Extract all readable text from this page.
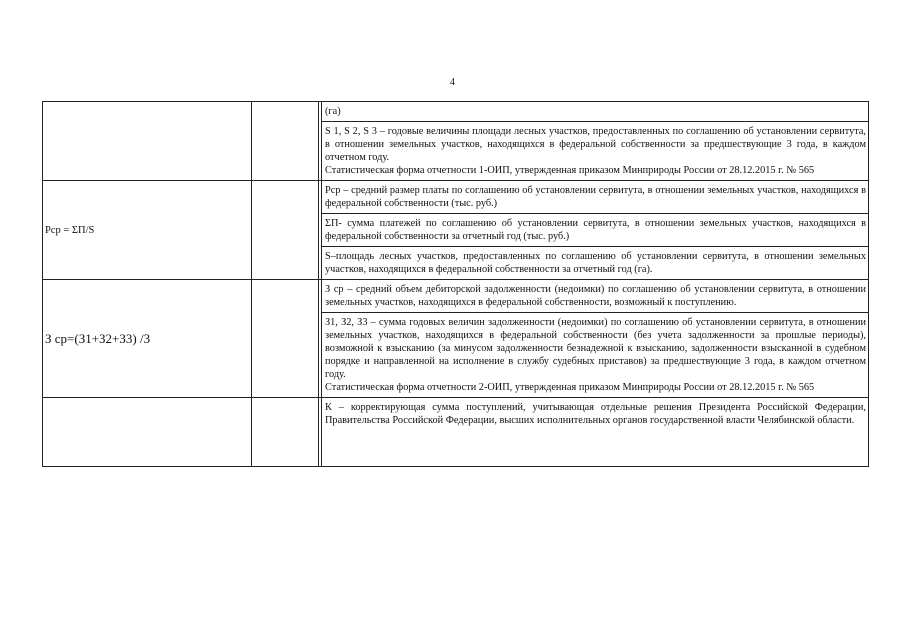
4

		(га)
S 1, S 2, S 3 – годовые величины площади лесных участков, предоставленных по соглашению об установлении сервитута, в отношении земельных участков, находящихся в федеральной собственности за предшествующие 3 года, в каждом отчетном году.
Статистическая форма отчетности 1-ОИП, утвержденная приказом Минприроды России от 28.12.2015 г. № 565

Рср = ΣП/S		Рср – средний размер платы по соглашению об установлении сервитута, в отношении земельных участков, находящихся в федеральной собственности (тыс. руб.)
ΣП- сумма платежей по соглашению об установлении сервитута, в отношении земельных участков, находящихся в федеральной собственности за отчетный год (тыс. руб.)
S–площадь лесных участков, предоставленных по соглашению об установлении сервитута, в отношении земельных участков, находящихся в федеральной собственности за отчетный год (га).

З ср=(З1+З2+З3) /3		З ср – средний объем дебиторской задолженности (недоимки) по соглашению об установлении сервитута, в отношении земельных участков, находящихся в федеральной собственности, возможный к поступлению.
З1, З2, З3 – сумма годовых величин задолженности (недоимки) по соглашению об установлении сервитута, в отношении земельных участков, находящихся в федеральной собственности (без учета задолженности за прошлые периоды), возможной к взысканию (за минусом задолженности безнадежной к взысканию, задолженности взысканной в судебном порядке и направленной на исполнение в службу судебных приставов) за предшествующие 3 года, в каждом отчетном году.
Статистическая форма отчетности 2-ОИП, утвержденная приказом Минприроды России от 28.12.2015 г. № 565

		К – корректирующая сумма поступлений, учитывающая отдельные решения Президента Российской Федерации, Правительства Российской Федерации, высших исполнительных органов государственной власти Челябинской области.
